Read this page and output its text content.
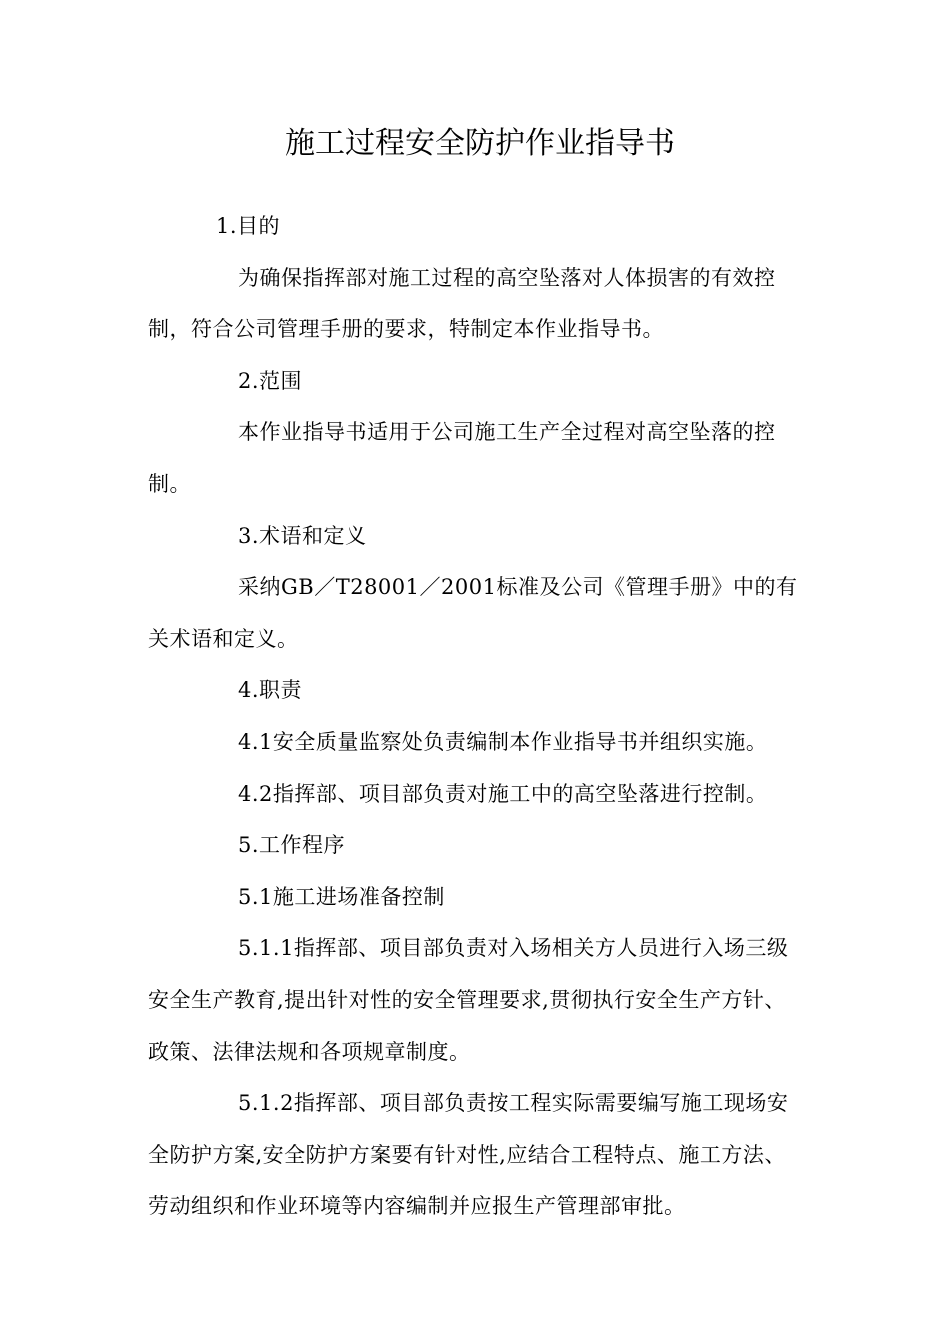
施工过程安全防护作业指导书

1.目的

为确保指挥部对施工过程的高空坠落对人体损害的有效控制，符合公司管理手册的要求，特制定本作业指导书。

2.范围

本作业指导书适用于公司施工生产全过程对高空坠落的控制。

3.术语和定义

采纳GB／T28001／2001标准及公司《管理手册》中的有关术语和定义。

4.职责

4.1安全质量监察处负责编制本作业指导书并组织实施。

4.2指挥部、项目部负责对施工中的高空坠落进行控制。

5.工作程序

5.1施工进场准备控制

5.1.1指挥部、项目部负责对入场相关方人员进行入场三级安全生产教育,提出针对性的安全管理要求,贯彻执行安全生产方针、政策、法律法规和各项规章制度。

5.1.2指挥部、项目部负责按工程实际需要编写施工现场安全防护方案,安全防护方案要有针对性,应结合工程特点、施工方法、劳动组织和作业环境等内容编制并应报生产管理部审批。
